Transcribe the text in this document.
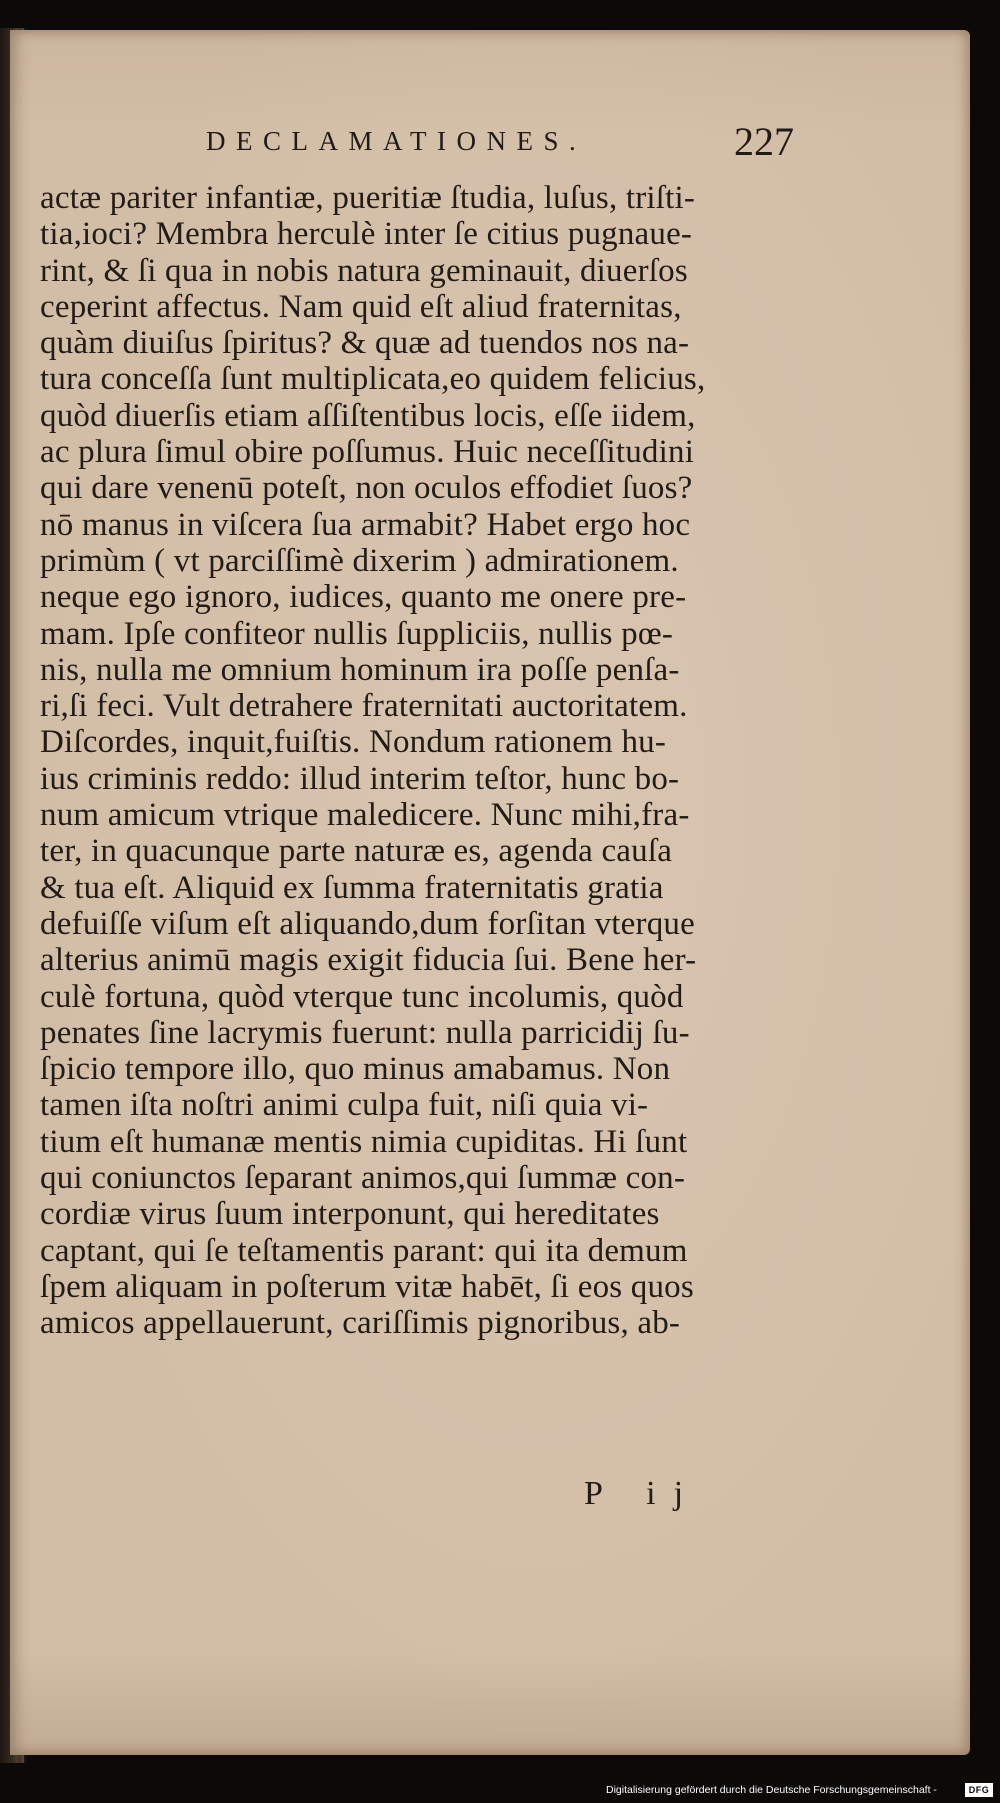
DECLAMATIONES.	227
actæ pariter infantiæ, pueritiæ ſtudia, luſus, triſti-
tia,ioci? Membra herculè inter ſe citius pugnaue-
rint, & ſi qua in nobis natura geminauit, diuerſos
ceperint affectus. Nam quid eſt aliud fraternitas,
quàm diuiſus ſpiritus? & quæ ad tuendos nos na-
tura conceſſa ſunt multiplicata,eo quidem felicius,
quòd diuerſis etiam aſſiſtentibus locis, eſſe iidem,
ac plura ſimul obire poſſumus. Huic neceſſitudini
qui dare venenū poteſt, non oculos effodiet ſuos?
nō manus in viſcera ſua armabit? Habet ergo hoc
primùm ( vt parciſſimè dixerim ) admirationem.
neque ego ignoro, iudices, quanto me onere pre-
mam. Ipſe confiteor nullis ſuppliciis, nullis pœ-
nis, nulla me omnium hominum ira poſſe penſa-
ri,ſi feci. Vult detrahere fraternitati auctoritatem.
Diſcordes, inquit,fuiſtis. Nondum rationem hu-
ius criminis reddo: illud interim teſtor, hunc bo-
num amicum vtrique maledicere. Nunc mihi,fra-
ter, in quacunque parte naturæ es, agenda cauſa
& tua eſt. Aliquid ex ſumma fraternitatis gratia
defuiſſe viſum eſt aliquando,dum forſitan vterque
alterius animū magis exigit fiducia ſui. Bene her-
culè fortuna, quòd vterque tunc incolumis, quòd
penates ſine lacrymis fuerunt: nulla parricidij ſu-
ſpicio tempore illo, quo minus amabamus. Non
tamen iſta noſtri animi culpa fuit, niſi quia vi-
tium eſt humanæ mentis nimia cupiditas. Hi ſunt
qui coniunctos ſeparant animos,qui ſummæ con-
cordiæ virus ſuum interponunt, qui hereditates
captant, qui ſe teſtamentis parant: qui ita demum
ſpem aliquam in poſterum vitæ habēt, ſi eos quos
amicos appellauerunt, cariſſimis pignoribus, ab-
P ij
Digitalisierung gefördert durch die Deutsche Forschungsgemeinschaft -	DFG
